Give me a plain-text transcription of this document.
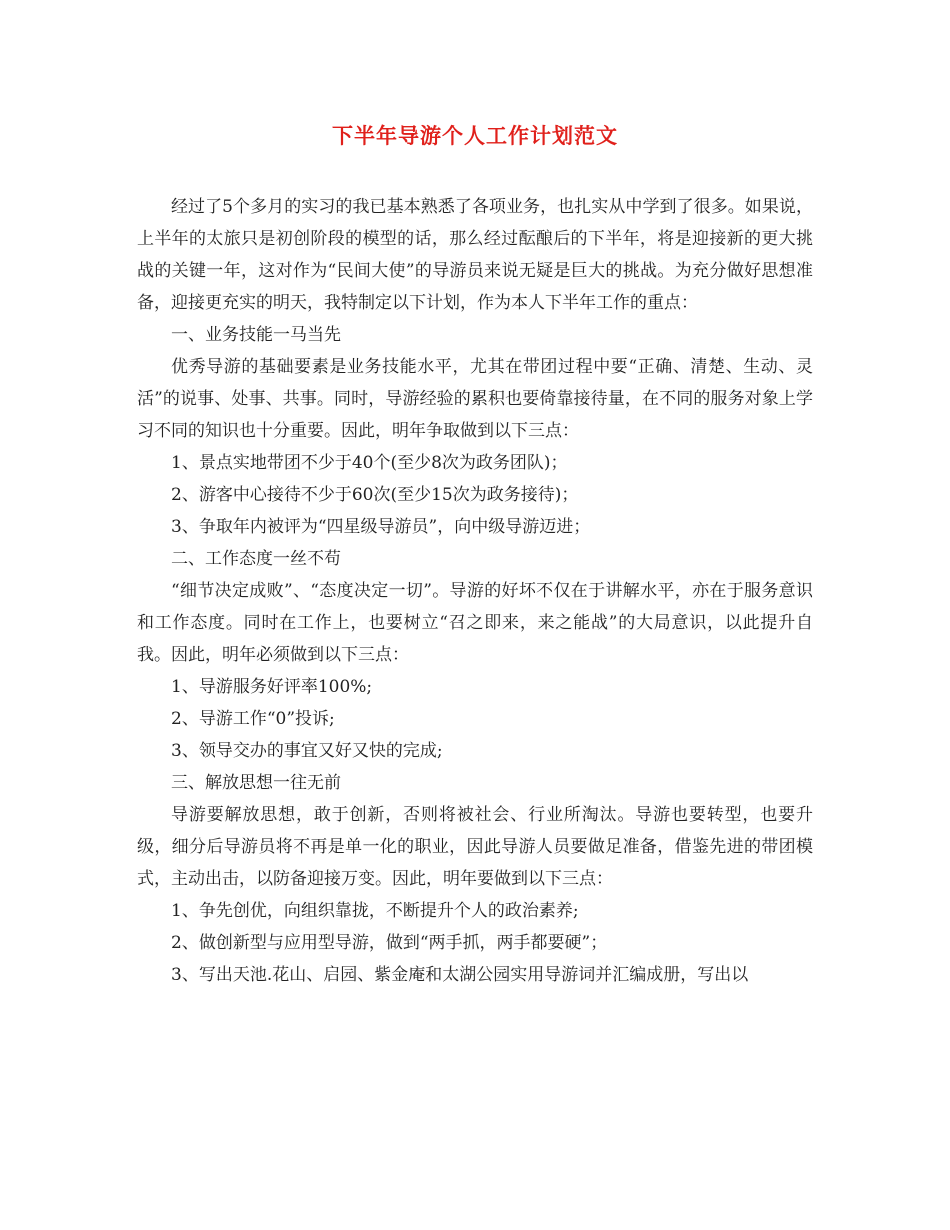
下半年导游个人工作计划范文

经过了5个多月的实习的我已基本熟悉了各项业务，也扎实从中学到了很多。如果说，上半年的太旅只是初创阶段的模型的话，那么经过酝酿后的下半年，将是迎接新的更大挑战的关键一年，这对作为“民间大使”的导游员来说无疑是巨大的挑战。为充分做好思想准备，迎接更充实的明天，我特制定以下计划，作为本人下半年工作的重点：

一、业务技能一马当先

优秀导游的基础要素是业务技能水平，尤其在带团过程中要“正确、清楚、生动、灵活”的说事、处事、共事。同时，导游经验的累积也要倚靠接待量，在不同的服务对象上学习不同的知识也十分重要。因此，明年争取做到以下三点：

1、景点实地带团不少于40个(至少8次为政务团队)；

2、游客中心接待不少于60次(至少15次为政务接待)；

3、争取年内被评为“四星级导游员”，向中级导游迈进；

二、工作态度一丝不苟

“细节决定成败”、“态度决定一切”。导游的好坏不仅在于讲解水平，亦在于服务意识和工作态度。同时在工作上，也要树立“召之即来，来之能战”的大局意识，以此提升自我。因此，明年必须做到以下三点：

1、导游服务好评率100%;

2、导游工作“0”投诉;

3、领导交办的事宜又好又快的完成;

三、解放思想一往无前

导游要解放思想，敢于创新，否则将被社会、行业所淘汰。导游也要转型，也要升级，细分后导游员将不再是单一化的职业，因此导游人员要做足准备，借鉴先进的带团模式，主动出击，以防备迎接万变。因此，明年要做到以下三点：

1、争先创优，向组织靠拢，不断提升个人的政治素养;

2、做创新型与应用型导游，做到“两手抓，两手都要硬”；

3、写出天池.花山、启园、紫金庵和太湖公园实用导游词并汇编成册，写出以
